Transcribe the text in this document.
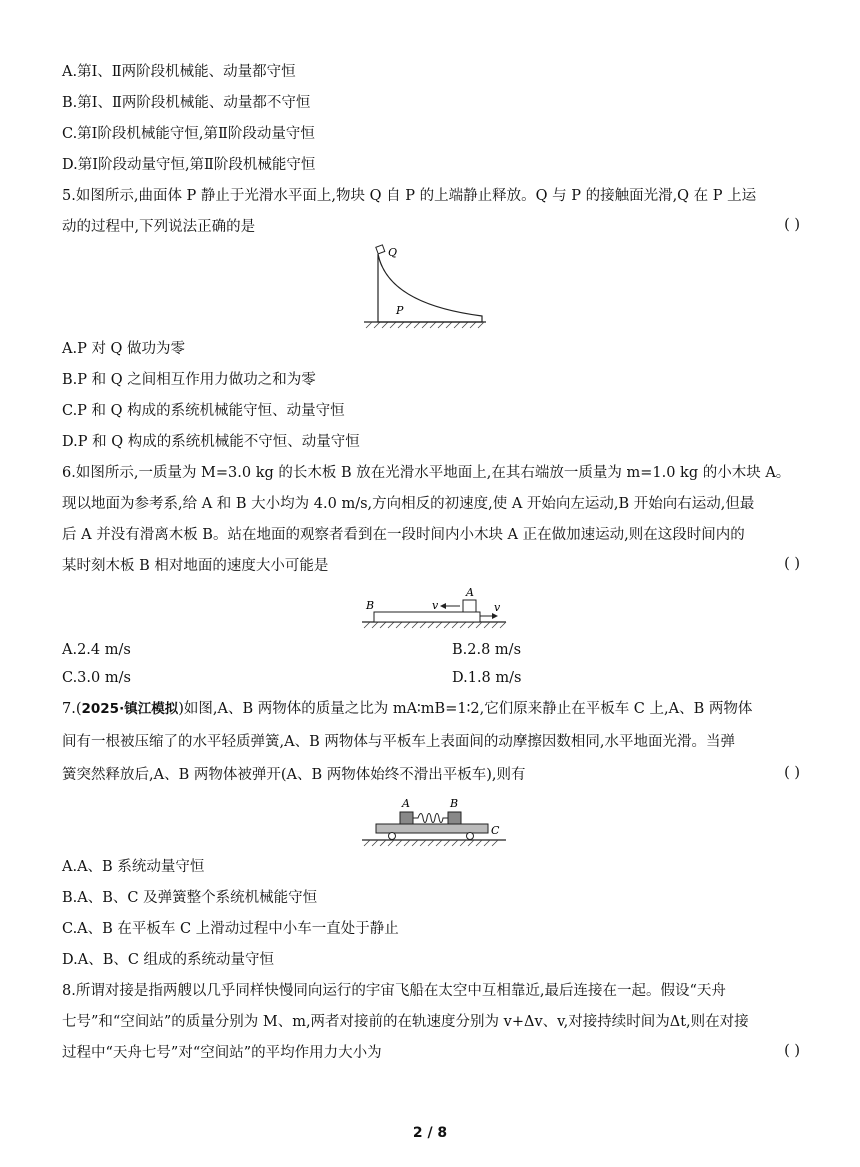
A.第Ⅰ、Ⅱ两阶段机械能、动量都守恒
B.第Ⅰ、Ⅱ两阶段机械能、动量都不守恒
C.第Ⅰ阶段机械能守恒,第Ⅱ阶段动量守恒
D.第Ⅰ阶段动量守恒,第Ⅱ阶段机械能守恒
5.如图所示,曲面体 P 静止于光滑水平面上,物块 Q 自 P 的上端静止释放。Q 与 P 的接触面光滑,Q 在 P 上运
动的过程中,下列说法正确的是	( )
Q
P
A.P 对 Q 做功为零
B.P 和 Q 之间相互作用力做功之和为零
C.P 和 Q 构成的系统机械能守恒、动量守恒
D.P 和 Q 构成的系统机械能不守恒、动量守恒
6.如图所示,一质量为 M=3.0 kg 的长木板 B 放在光滑水平地面上,在其右端放一质量为 m=1.0 kg 的小木块 A。
现以地面为参考系,给 A 和 B 大小均为 4.0 m/s,方向相反的初速度,使 A 开始向左运动,B 开始向右运动,但最
后 A 并没有滑离木板 B。站在地面的观察者看到在一段时间内小木块 A 正在做加速运动,则在这段时间内的
某时刻木板 B 相对地面的速度大小可能是	( )
B
A
v	v
A.2.4 m/s	B.2.8 m/s
C.3.0 m/s	D.1.8 m/s
7.(2025·镇江模拟)如图,A、B 两物体的质量之比为 mA∶mB=1∶2,它们原来静止在平板车 C 上,A、B 两物体
间有一根被压缩了的水平轻质弹簧,A、B 两物体与平板车上表面间的动摩擦因数相同,水平地面光滑。当弹
簧突然释放后,A、B 两物体被弹开(A、B 两物体始终不滑出平板车),则有	( )
A	B
C
A.A、B 系统动量守恒
B.A、B、C 及弹簧整个系统机械能守恒
C.A、B 在平板车 C 上滑动过程中小车一直处于静止
D.A、B、C 组成的系统动量守恒
8.所谓对接是指两艘以几乎同样快慢同向运行的宇宙飞船在太空中互相靠近,最后连接在一起。假设“天舟
七号”和“空间站”的质量分别为 M、m,两者对接前的在轨速度分别为 v+Δv、v,对接持续时间为Δt,则在对接
过程中“天舟七号”对“空间站”的平均作用力大小为	( )
2 / 8
